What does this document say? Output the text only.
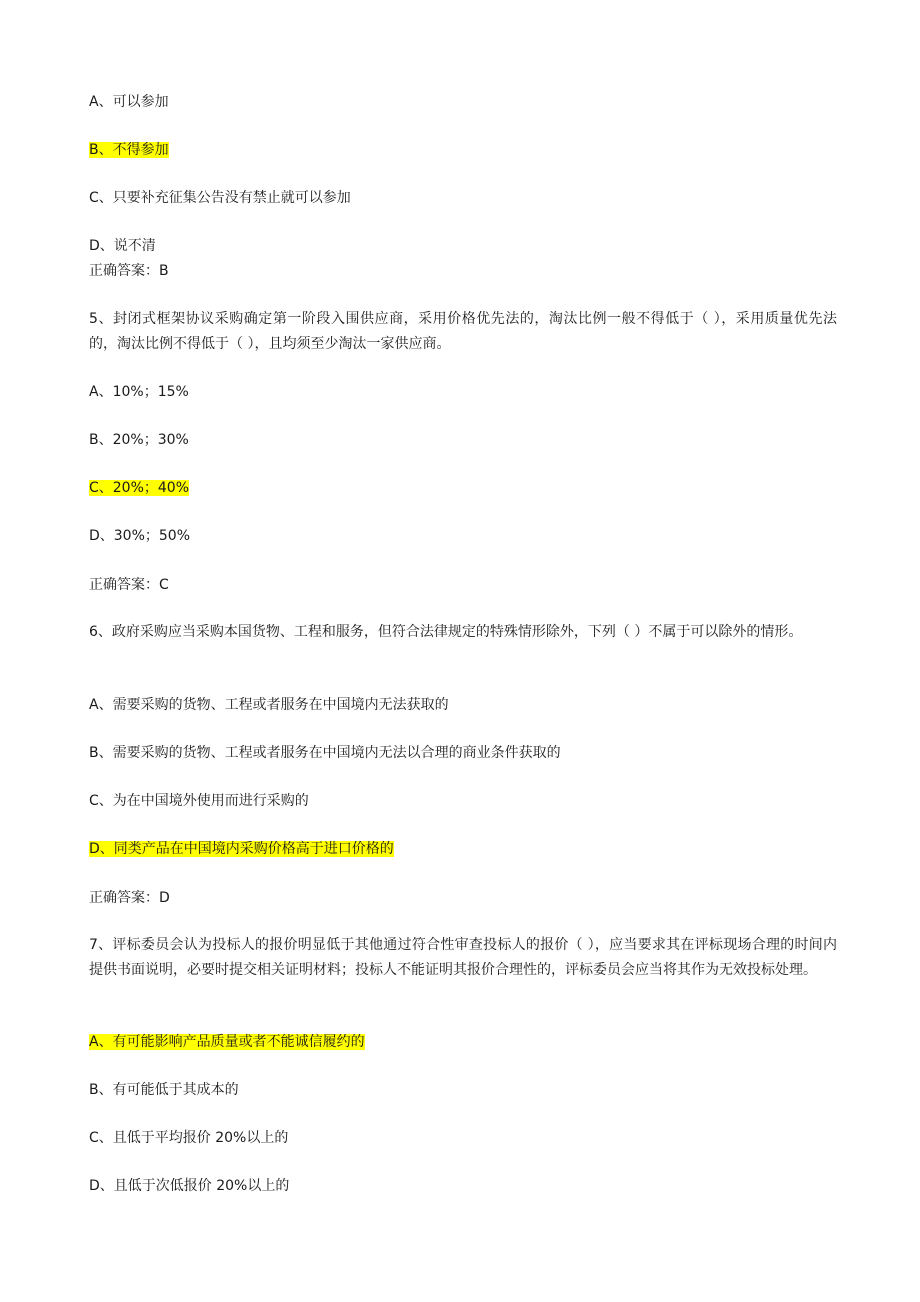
A、可以参加
B、不得参加
C、只要补充征集公告没有禁止就可以参加
D、说不清
正确答案：B
5、封闭式框架协议采购确定第一阶段入围供应商，采用价格优先法的，淘汰比例一般不得低于（ ），采用质量优先法的，淘汰比例不得低于（ ），且均须至少淘汰一家供应商。
A、10%；15%
B、20%；30%
C、20%；40%
D、30%；50%
正确答案：C
6、政府采购应当采购本国货物、工程和服务，但符合法律规定的特殊情形除外，下列（ ）不属于可以除外的情形。
A、需要采购的货物、工程或者服务在中国境内无法获取的
B、需要采购的货物、工程或者服务在中国境内无法以合理的商业条件获取的
C、为在中国境外使用而进行采购的
D、同类产品在中国境内采购价格高于进口价格的
正确答案：D
7、评标委员会认为投标人的报价明显低于其他通过符合性审查投标人的报价（ ），应当要求其在评标现场合理的时间内提供书面说明，必要时提交相关证明材料；投标人不能证明其报价合理性的，评标委员会应当将其作为无效投标处理。
A、有可能影响产品质量或者不能诚信履约的
B、有可能低于其成本的
C、且低于平均报价 20%以上的
D、且低于次低报价 20%以上的
